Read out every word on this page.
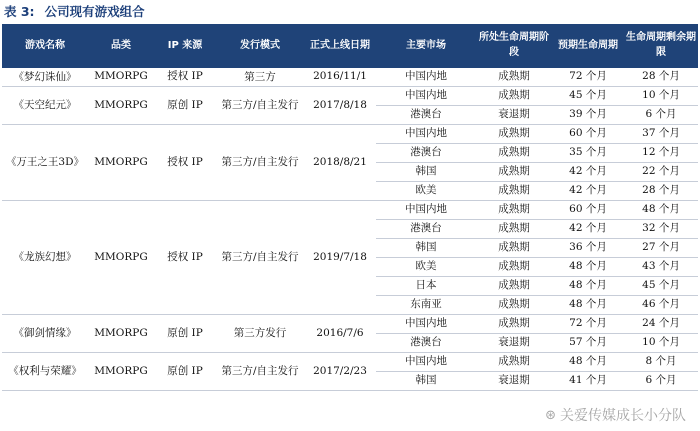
表 3: 公司现有游戏组合
游戏名称	品类	IP 来源	发行模式	正式上线日期	主要市场	所处生命周期阶段	预期生命周期	生命周期剩余期限
《梦幻诛仙》	MMORPG	授权 IP	第三方	2016/11/1	中国内地	成熟期	72 个月	28 个月
《天空纪元》	MMORPG	原创 IP	第三方/自主发行	2017/8/18	中国内地	成熟期	45 个月	10 个月
					港澳台	衰退期	39 个月	6 个月
《万王之王3D》	MMORPG	授权 IP	第三方/自主发行	2018/8/21	中国内地	成熟期	60 个月	37 个月
					港澳台	成熟期	35 个月	12 个月
					韩国	成熟期	42 个月	22 个月
					欧美	成熟期	42 个月	28 个月
《龙族幻想》	MMORPG	授权 IP	第三方/自主发行	2019/7/18	中国内地	成熟期	60 个月	48 个月
					港澳台	成熟期	42 个月	32 个月
					韩国	成熟期	36 个月	27 个月
					欧美	成熟期	48 个月	43 个月
					日本	成熟期	48 个月	45 个月
					东南亚	成熟期	48 个月	46 个月
《御剑情缘》	MMORPG	原创 IP	第三方发行	2016/7/6	中国内地	成熟期	72 个月	24 个月
					港澳台	衰退期	57 个月	10 个月
《权利与荣耀》	MMORPG	原创 IP	第三方/自主发行	2017/2/23	中国内地	成熟期	48 个月	8 个月
					韩国	衰退期	41 个月	6 个月
⊛ 关爱传媒成长小分队
